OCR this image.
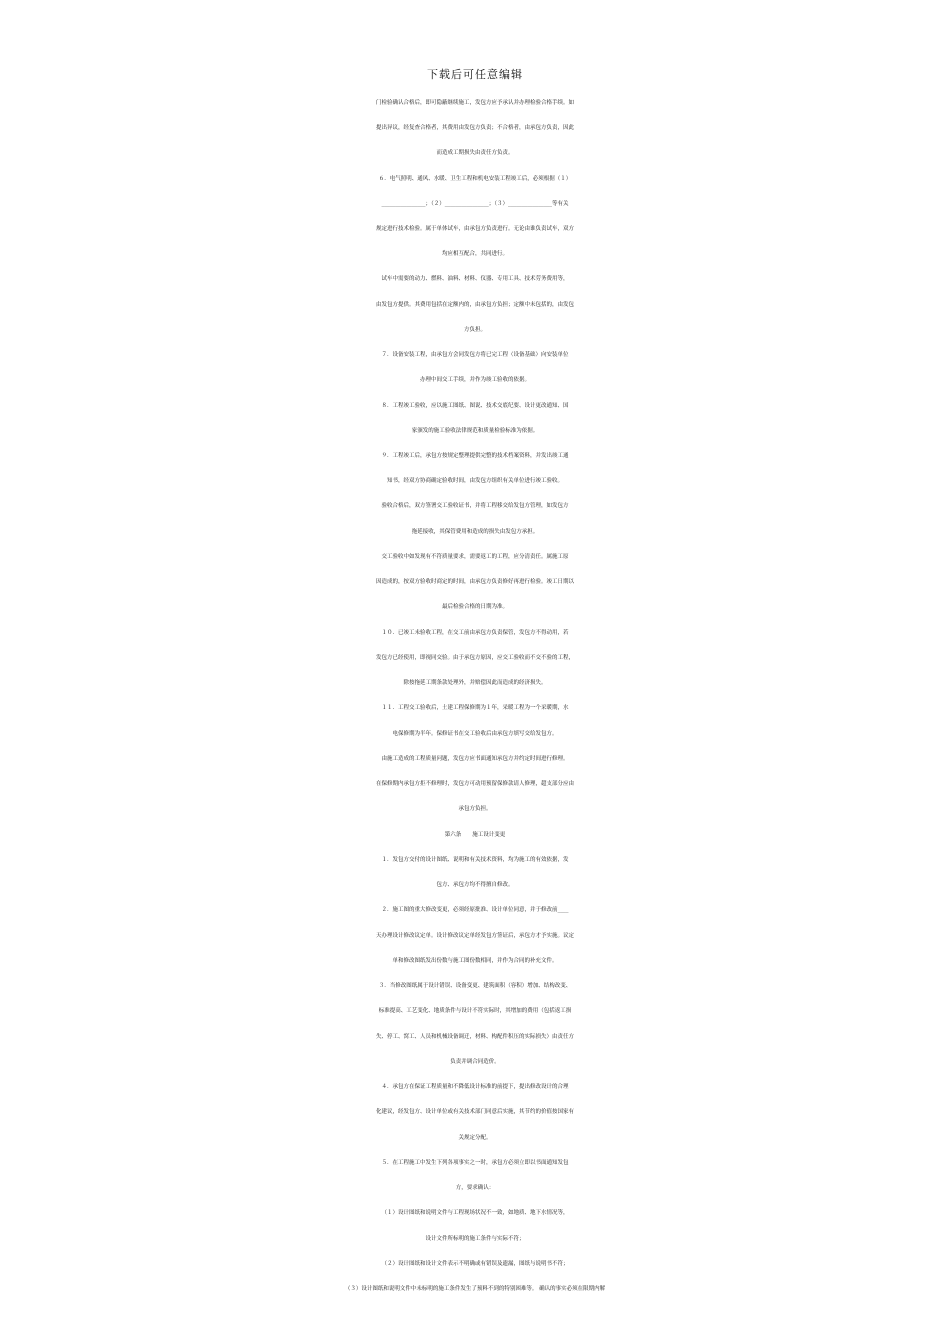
下载后可任意编辑
门检验确认合格后，即可隐蔽继续施工，发包方应予承认并办理检验合格手续。如
提出异议，经复查合格者，其费用由发包方负责；不合格者，由承包方负责，因此
而造成工期损失由责任方负责。
６．电气照明、通风、水暖、卫生工程和机电安装工程竣工后，必须根据（１）
________________；（２）________________；（３）________________等有关
规定进行技术检验。属于单体试车，由承包方负责进行。无论由谁负责试车，双方
均应相互配合，共同进行。
试车中需要的动力、燃料、油料、材料、仪器、专用工具、技术劳务费用等，
由发包方提供。其费用包括在定额内的，由承包方负担；定额中未包括的，由发包
方负担。
７．设备安装工程，由承包方会同发包方将已完工程（设备基础）向安装单位
办理中间交工手续，并作为竣工验收的依据。
８．工程竣工验收，应以施工图纸、图说、技术交底纪要、设计更改通知、国
家颁发的施工验收法律规范和质量检验标准为依据。
９．工程竣工后，承包方按规定整理提供完整的技术档案资料，并发出竣工通
知书，经双方协商确定验收时间，由发包方组织有关单位进行竣工验收。
验收合格后，双方签署交工验收证书，并将工程移交给发包方管理，如发包方
拖延接收，其保管费用和造成的损失由发包方承担。
交工验收中如发现有不符质量要求，需要返工的工程，应分清责任。属施工原
因造成的，按双方验收时商定的时间，由承包方负责修好再进行检验。竣工日期以
最后检验合格的日期为准。
１０．已竣工未验收工程，在交工前由承包方负责保管，发包方不得动用，若
发包方已经使用，即视同交验。由于承包方原因，应交工验收而不交不验的工程，
除按拖延工期条款处理外，并赔偿因此而造成的经济损失。
１１．工程交工验收后，土建工程保修期为１年，采暖工程为一个采暖期，水
电保修期为半年。保修证书在交工验收后由承包方填写交给发包方。
由施工造成的工程质量问题，发包方应书面通知承包方并约定时间进行修理。
在保修期内承包方拒不修理时，发包方可动用预留保修款请人修理，超支部分应由
承包方负担。
第六条　　施工设计变更
１．发包方交付的设计图纸、说明和有关技术资料，均为施工的有效依据，发
包方、承包方均不得擅自修改。
２．施工图的重大修改变更，必须经原批准、设计单位同意，并于修改前____
天办理设计修改议定单。设计修改议定单经发包方签证后，承包方才予实施。议定
单和修改图纸发出份数与施工图份数相同，并作为合同的补充文件。
３．当修改图纸属于设计错误、设备变更、建筑面积（容积）增加、结构改变、
标准提高、工艺变化、地质条件与设计不符实际时，其增加的费用（包括返工损
失、停工、窝工、人员和机械设备调迁，材料、构配件积压的实际损失）由责任方
负责并调合同造价。
４．承包方在保证工程质量和不降低设计标准的前提下，提出修改设计的合理
化建议，经发包方、设计单位或有关技术部门同意后实施，其节约的价值按国家有
关规定分配。
５．在工程施工中发生下列各项事实之一时，承包方必须立即以书面通知发包
方，要求确认：
（１）设计图纸和说明文件与工程现场状况不一致，如地质、地下水情况等，
设计文件所标明的施工条件与实际不符；
（２）设计图纸和设计文件表示不明确或有错误及遗漏，图纸与说明书不符；
（３）设计图纸和说明文件中未标明的施工条件发生了预料不到的特别困难等。 确认的事实必须在限期内解
